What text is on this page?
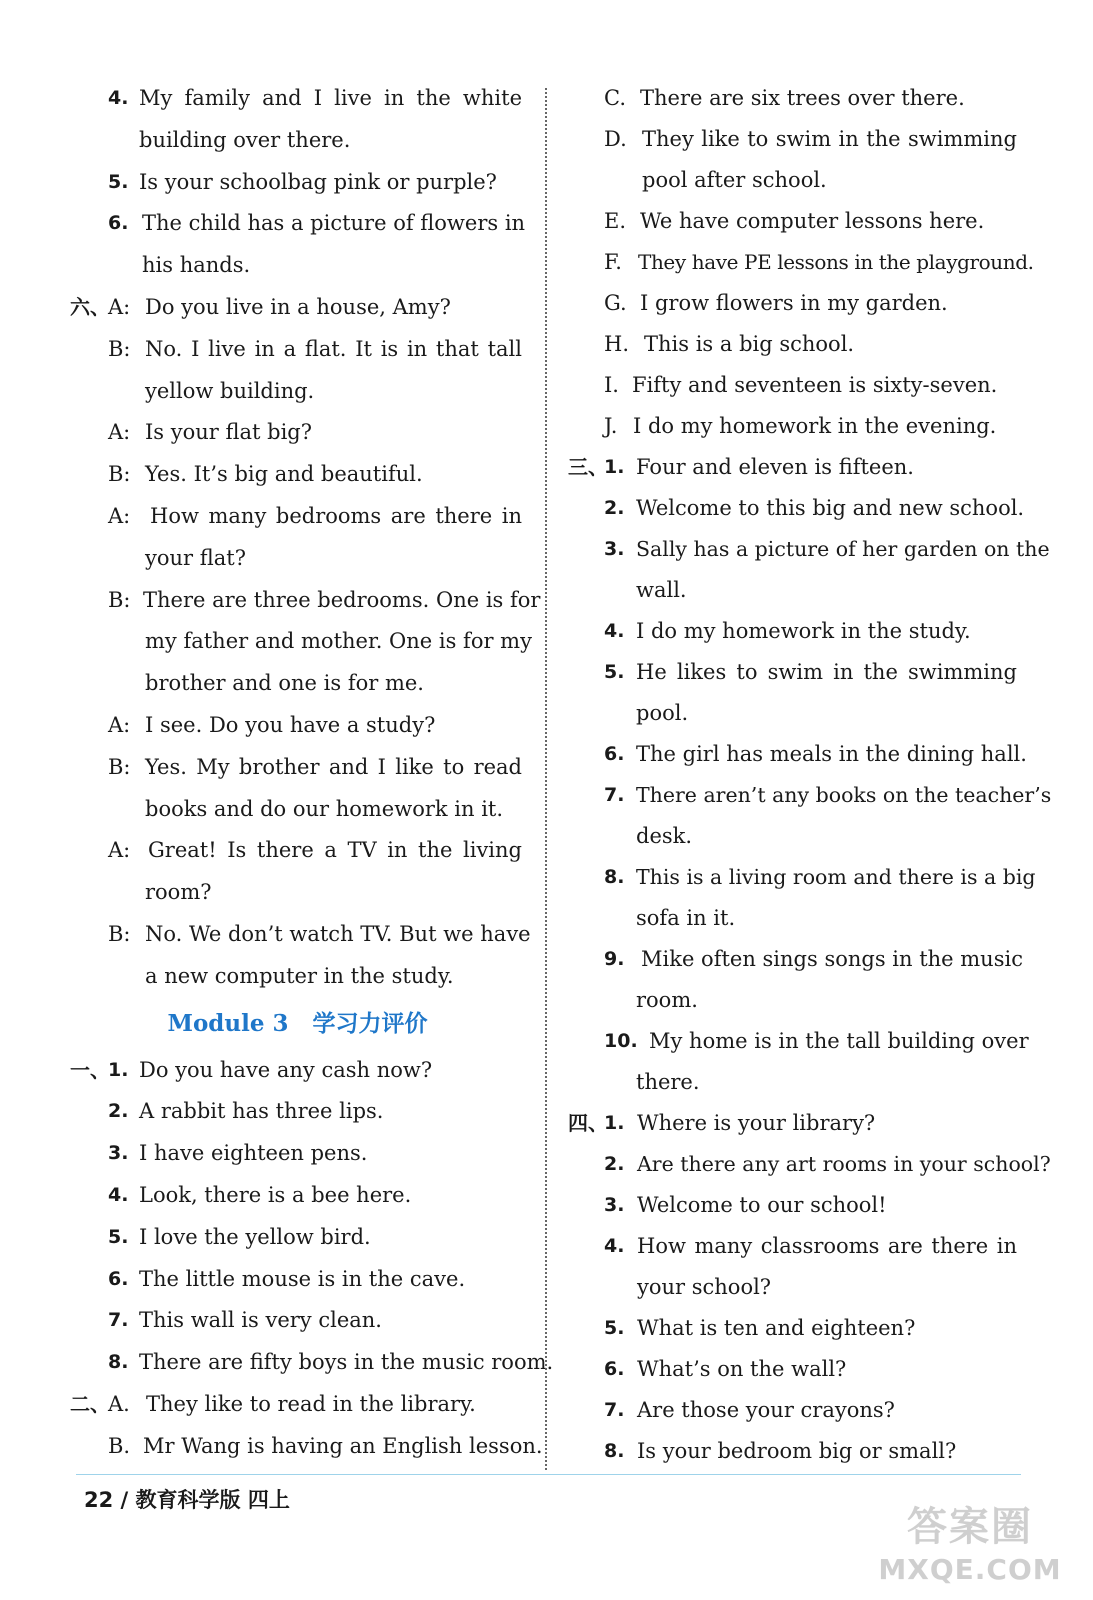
4. My family and I live in the white
building over there.
5. Is your schoolbag pink or purple?
6. The child has a picture of flowers in
his hands.
六、
A: Do you live in a house, Amy?
B: No. I live in a flat. It is in that tall
yellow building.
A: Is your flat big?
B: Yes. It’s big and beautiful.
A: How many bedrooms are there in
your flat?
B: There are three bedrooms. One is for
my father and mother. One is for my
brother and one is for me.
A: I see. Do you have a study?
B: Yes. My brother and I like to read
books and do our homework in it.
A: Great! Is there a TV in the living
room?
B: No. We don’t watch TV. But we have
a new computer in the study.
Module 3 学习力评价
一、
1. Do you have any cash now?
2. A rabbit has three lips.
3. I have eighteen pens.
4. Look, there is a bee here.
5. I love the yellow bird.
6. The little mouse is in the cave.
7. This wall is very clean.
8. There are fifty boys in the music room.
二、
A. They like to read in the library.
B. Mr Wang is having an English lesson.
C. There are six trees over there.
D. They like to swim in the swimming
pool after school.
E. We have computer lessons here.
F. They have PE lessons in the playground.
G. I grow flowers in my garden.
H. This is a big school.
I. Fifty and seventeen is sixty-seven.
J. I do my homework in the evening.
三、
1. Four and eleven is fifteen.
2. Welcome to this big and new school.
3. Sally has a picture of her garden on the
wall.
4. I do my homework in the study.
5. He likes to swim in the swimming
pool.
6. The girl has meals in the dining hall.
7. There aren’t any books on the teacher’s
desk.
8. This is a living room and there is a big
sofa in it.
9. Mike often sings songs in the music
room.
10. My home is in the tall building over
there.
四、
1. Where is your library?
2. Are there any art rooms in your school?
3. Welcome to our school!
4. How many classrooms are there in
your school?
5. What is ten and eighteen?
6. What’s on the wall?
7. Are those your crayons?
8. Is your bedroom big or small?
22 / 教育科学版 四上
答案圈
MXQE.COM
